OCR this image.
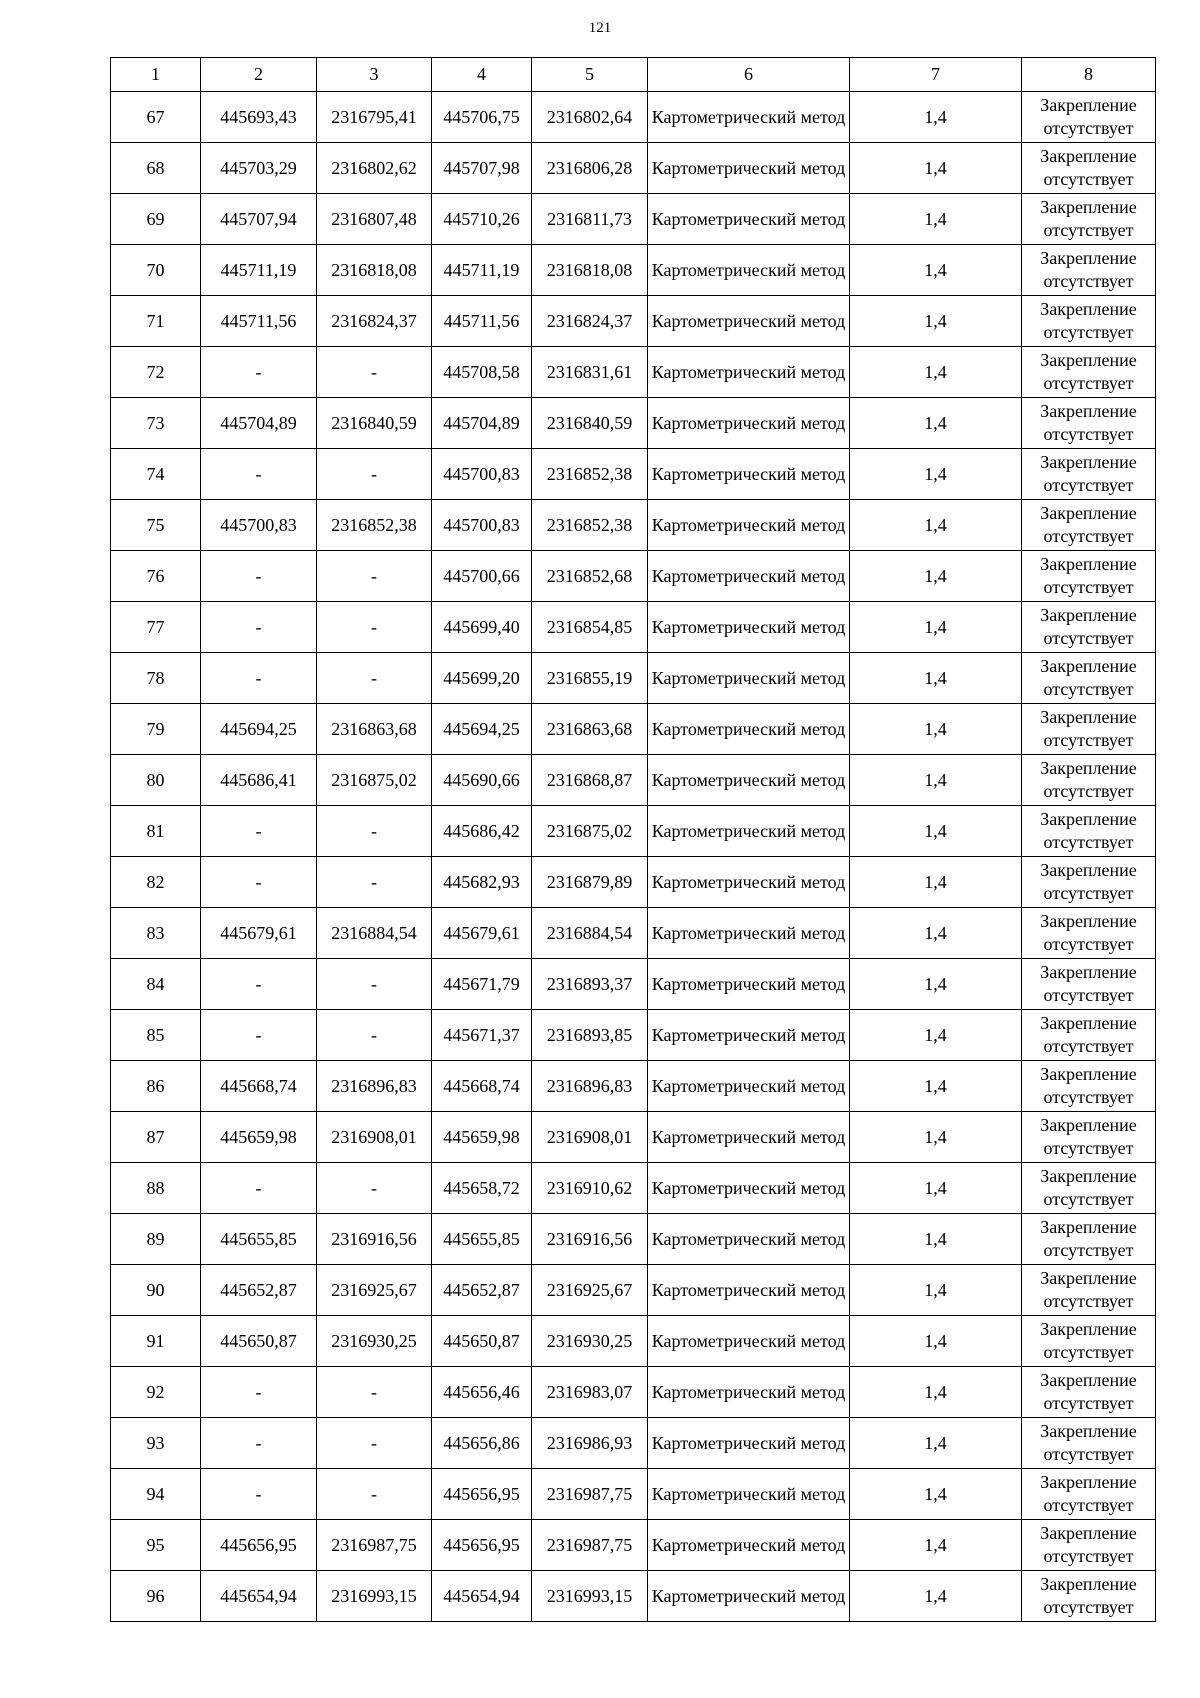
121
1	2	3	4	5	6	7	8
67	445693,43	2316795,41	445706,75	2316802,64	Картометрический метод	1,4	Закрепление отсутствует
68	445703,29	2316802,62	445707,98	2316806,28	Картометрический метод	1,4	Закрепление отсутствует
69	445707,94	2316807,48	445710,26	2316811,73	Картометрический метод	1,4	Закрепление отсутствует
70	445711,19	2316818,08	445711,19	2316818,08	Картометрический метод	1,4	Закрепление отсутствует
71	445711,56	2316824,37	445711,56	2316824,37	Картометрический метод	1,4	Закрепление отсутствует
72	-	-	445708,58	2316831,61	Картометрический метод	1,4	Закрепление отсутствует
73	445704,89	2316840,59	445704,89	2316840,59	Картометрический метод	1,4	Закрепление отсутствует
74	-	-	445700,83	2316852,38	Картометрический метод	1,4	Закрепление отсутствует
75	445700,83	2316852,38	445700,83	2316852,38	Картометрический метод	1,4	Закрепление отсутствует
76	-	-	445700,66	2316852,68	Картометрический метод	1,4	Закрепление отсутствует
77	-	-	445699,40	2316854,85	Картометрический метод	1,4	Закрепление отсутствует
78	-	-	445699,20	2316855,19	Картометрический метод	1,4	Закрепление отсутствует
79	445694,25	2316863,68	445694,25	2316863,68	Картометрический метод	1,4	Закрепление отсутствует
80	445686,41	2316875,02	445690,66	2316868,87	Картометрический метод	1,4	Закрепление отсутствует
81	-	-	445686,42	2316875,02	Картометрический метод	1,4	Закрепление отсутствует
82	-	-	445682,93	2316879,89	Картометрический метод	1,4	Закрепление отсутствует
83	445679,61	2316884,54	445679,61	2316884,54	Картометрический метод	1,4	Закрепление отсутствует
84	-	-	445671,79	2316893,37	Картометрический метод	1,4	Закрепление отсутствует
85	-	-	445671,37	2316893,85	Картометрический метод	1,4	Закрепление отсутствует
86	445668,74	2316896,83	445668,74	2316896,83	Картометрический метод	1,4	Закрепление отсутствует
87	445659,98	2316908,01	445659,98	2316908,01	Картометрический метод	1,4	Закрепление отсутствует
88	-	-	445658,72	2316910,62	Картометрический метод	1,4	Закрепление отсутствует
89	445655,85	2316916,56	445655,85	2316916,56	Картометрический метод	1,4	Закрепление отсутствует
90	445652,87	2316925,67	445652,87	2316925,67	Картометрический метод	1,4	Закрепление отсутствует
91	445650,87	2316930,25	445650,87	2316930,25	Картометрический метод	1,4	Закрепление отсутствует
92	-	-	445656,46	2316983,07	Картометрический метод	1,4	Закрепление отсутствует
93	-	-	445656,86	2316986,93	Картометрический метод	1,4	Закрепление отсутствует
94	-	-	445656,95	2316987,75	Картометрический метод	1,4	Закрепление отсутствует
95	445656,95	2316987,75	445656,95	2316987,75	Картометрический метод	1,4	Закрепление отсутствует
96	445654,94	2316993,15	445654,94	2316993,15	Картометрический метод	1,4	Закрепление отсутствует
